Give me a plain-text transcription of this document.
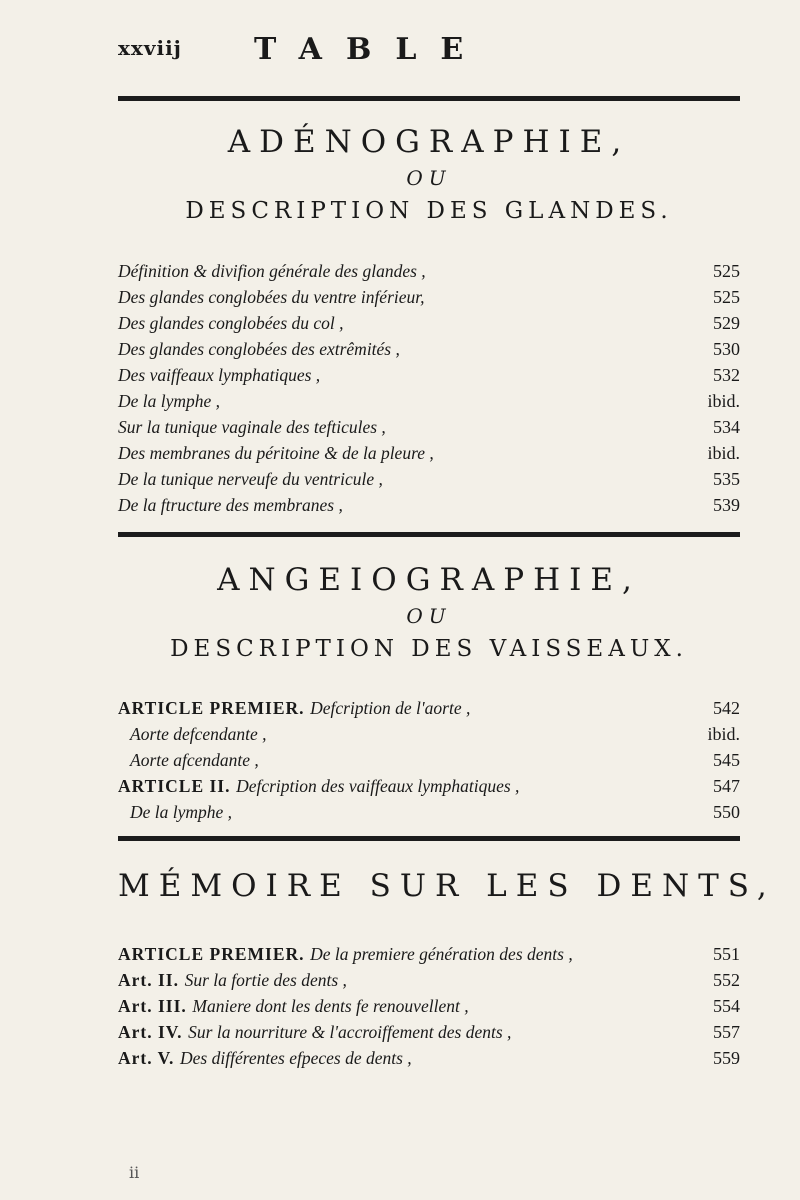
xxviij TABLE
ADÉNOGRAPHIE,
OU
DESCRIPTION DES GLANDES.
Définition & divifion générale des glandes ,	525
Des glandes conglobées du ventre inférieur,	525
Des glandes conglobées du col ,	529
Des glandes conglobées des extrêmités ,	530
Des vaiffeaux lymphatiques ,	532
De la lymphe ,	ibid.
Sur la tunique vaginale des tefticules ,	534
Des membranes du péritoine & de la pleure ,	ibid.
De la tunique nerveufe du ventricule ,	535
De la ftructure des membranes ,	539
ANGEIOGRAPHIE,
OU
DESCRIPTION DES VAISSEAUX.
ARTICLE PREMIER. Defcription de l'aorte ,	542
Aorte defcendante ,	ibid.
Aorte afcendante ,	545
ARTICLE II. Defcription des vaiffeaux lymphatiques ,	547
De la lymphe ,	550
MÉMOIRE SUR LES DENTS,
ARTICLE PREMIER. De la premiere génération des dents ,	551
Art. II. Sur la fortie des dents ,	552
Art. III. Maniere dont les dents fe renouvellent ,	554
Art. IV. Sur la nourriture & l'accroiffement des dents ,	557
Art. V. Des différentes efpeces de dents ,	559
ii
